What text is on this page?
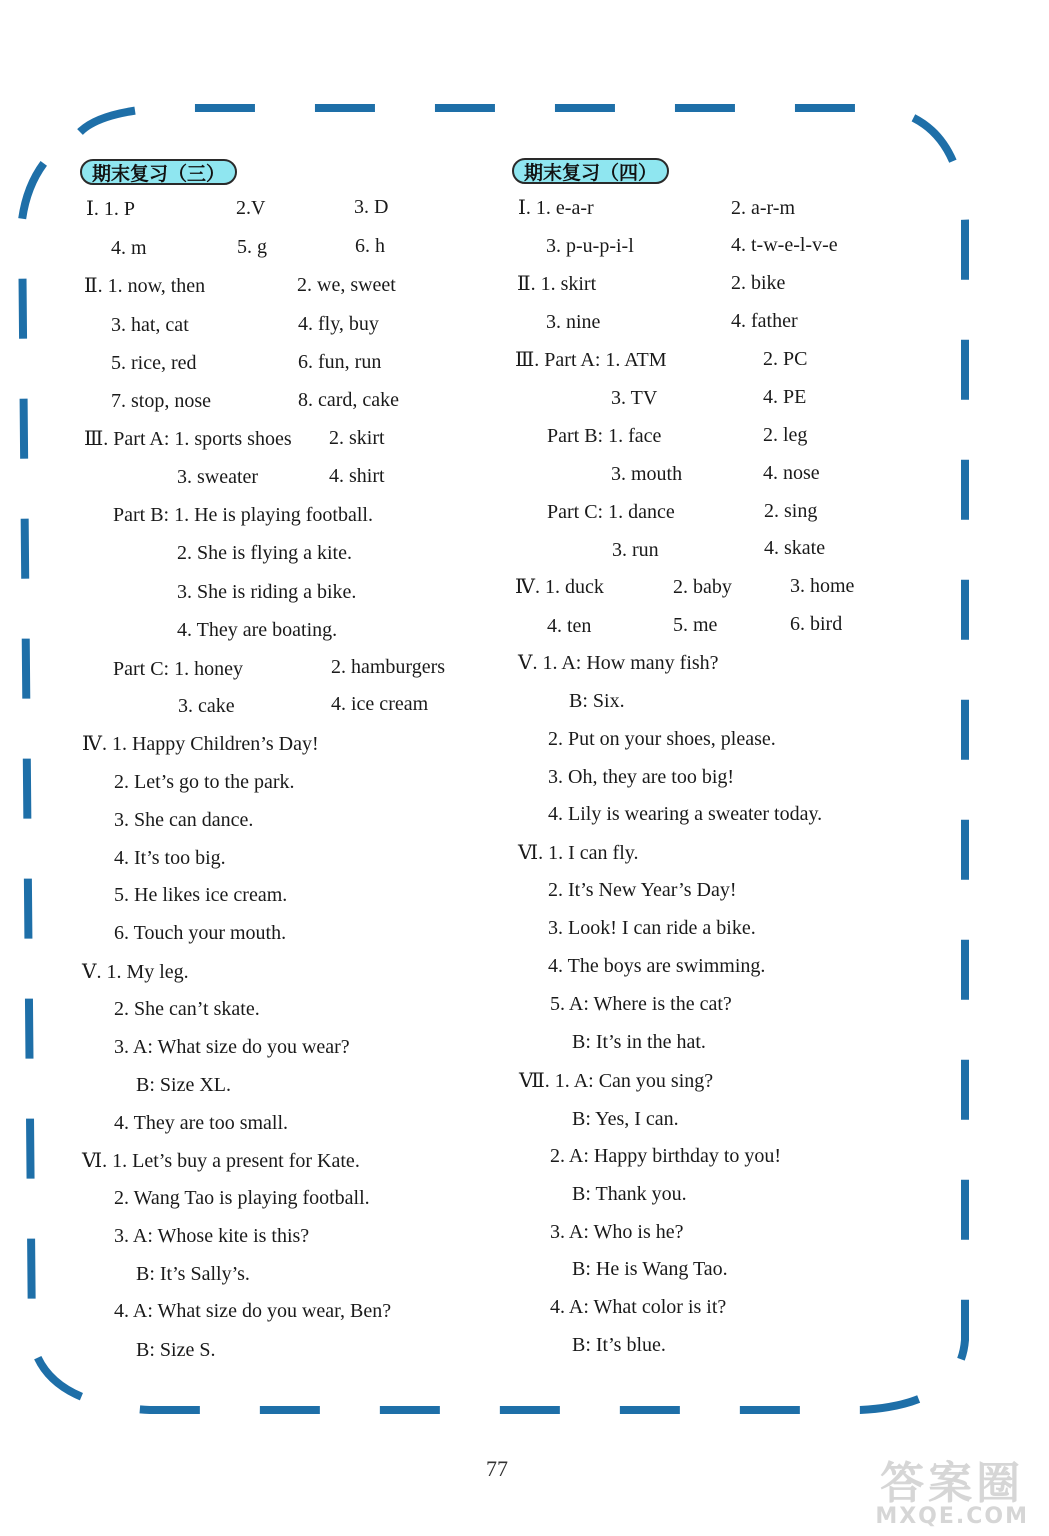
期末复习（三）	期末复习（四）
Ⅰ. 1. P	2.V	3. D
4. m	5. g	6. h
Ⅱ. 1. now, then	2. we, sweet
3. hat, cat	4. fly, buy
5. rice, red	6. fun, run
7. stop, nose	8. card, cake
Ⅲ. Part A: 1. sports shoes 2. skirt
3. sweater	4. shirt
Part B: 1. He is playing football.
2. She is flying a kite.
3. She is riding a bike.
4. They are boating.
Part C: 1. honey	2. hamburgers
3. cake	4. ice cream
Ⅳ. 1. Happy Children’s Day!
2. Let’s go to the park.
3. She can dance.
4. It’s too big.
5. He likes ice cream.
6. Touch your mouth.
Ⅴ. 1. My leg.
2. She can’t skate.
3. A: What size do you wear?
B: Size XL.
4. They are too small.
Ⅵ. 1. Let’s buy a present for Kate.
2. Wang Tao is playing football.
3. A: Whose kite is this?
B: It’s Sally’s.
4. A: What size do you wear, Ben?
B: Size S.
Ⅰ. 1. e-a-r	2. a-r-m
3. p-u-p-i-l	4. t-w-e-l-v-e
Ⅱ. 1. skirt	2. bike
3. nine	4. father
Ⅲ. Part A: 1. ATM	2. PC
3. TV	4. PE
Part B: 1. face	2. leg
3. mouth	4. nose
Part C: 1. dance	2. sing
3. run	4. skate
Ⅳ. 1. duck	2. baby	3. home
4. ten	5. me	6. bird
Ⅴ. 1. A: How many fish?
B: Six.
2. Put on your shoes, please.
3. Oh, they are too big!
4. Lily is wearing a sweater today.
Ⅵ. 1. I can fly.
2. It’s New Year’s Day!
3. Look! I can ride a bike.
4. The boys are swimming.
5. A: Where is the cat?
B: It’s in the hat.
Ⅶ. 1. A: Can you sing?
B: Yes, I can.
2. A: Happy birthday to you!
B: Thank you.
3. A: Who is he?
B: He is Wang Tao.
4. A: What color is it?
B: It’s blue.
77	答案圈
MXQE.COM
